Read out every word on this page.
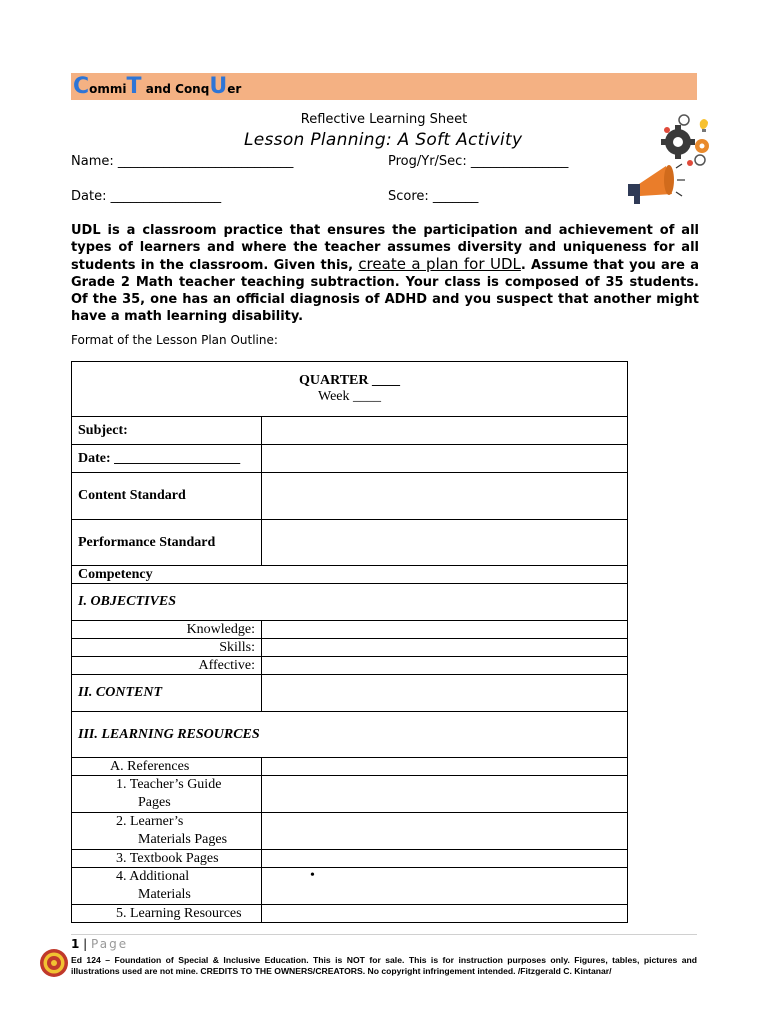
CommiT and ConqUer
Reflective Learning Sheet
Lesson Planning: A Soft Activity
Name: ___________________________	Prog/Yr/Sec: _______________
Date: _________________	Score: _______
UDL is a classroom practice that ensures the participation and achievement of all types of learners and where the teacher assumes diversity and uniqueness for all students in the classroom. Given this, create a plan for UDL. Assume that you are a Grade 2 Math teacher teaching subtraction. Your class is composed of 35 students. Of the 35, one has an official diagnosis of ADHD and you suspect that another might have a math learning disability.
Format of the Lesson Plan Outline:
QUARTER ____
Week ____	

Subject:	
Date: __________________	
Content Standard	
Performance Standard	
Competency	
I. OBJECTIVES	
Knowledge:	
Skills:	
Affective:	
II. CONTENT	
III. LEARNING RESOURCES	
A. References	

1. Teacher’s Guide
Pages	

2. Learner’s
Materials Pages	

3. Textbook Pages	

4. Additional
Materials	•
5. Learning Resources	
1 | Page
Ed 124 – Foundation of Special & Inclusive Education. This is NOT for sale. This is for instruction purposes only. Figures, tables, pictures and illustrations used are not mine. CREDITS TO THE OWNERS/CREATORS. No copyright infringement intended. /Fitzgerald C. Kintanar/
